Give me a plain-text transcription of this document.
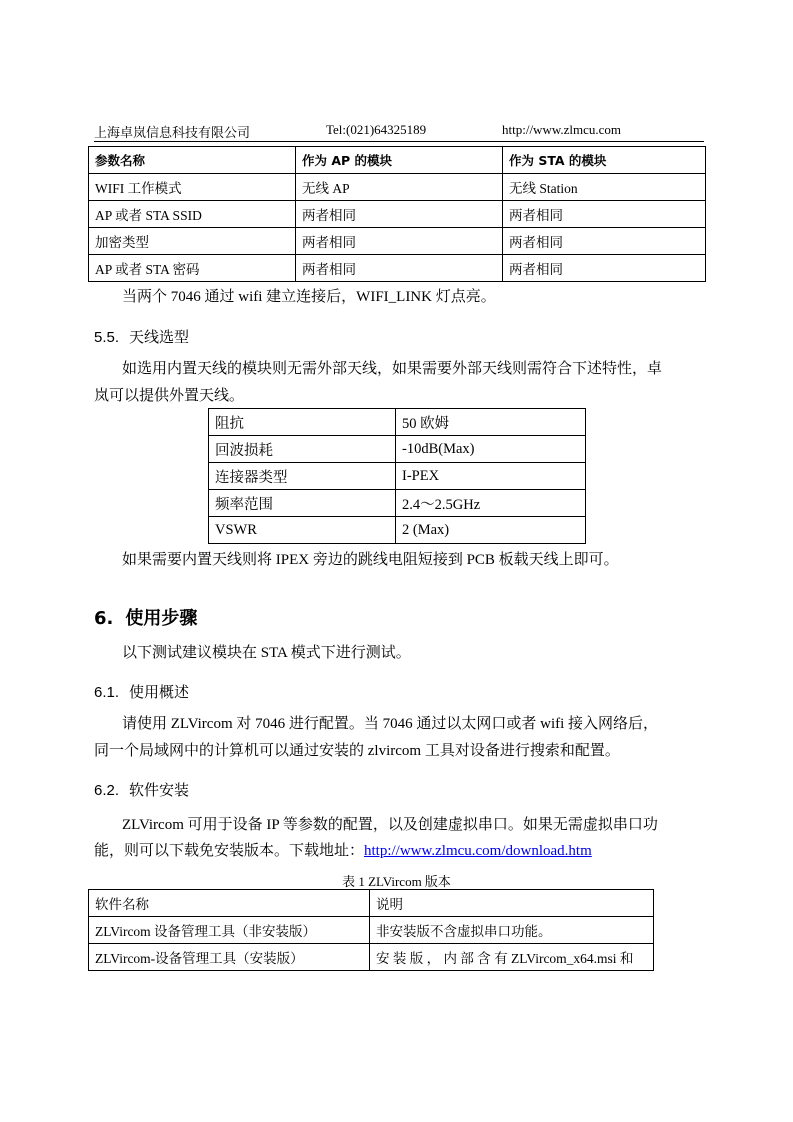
上海卓岚信息科技有限公司	Tel:(021)64325189	http://www.zlmcu.com
参数名称	作为 AP 的模块	作为 STA 的模块
WIFI 工作模式	无线 AP	无线 Station
AP 或者 STA SSID	两者相同	两者相同
加密类型	两者相同	两者相同
AP 或者 STA 密码	两者相同	两者相同
当两个 7046 通过 wifi 建立连接后，WIFI_LINK 灯点亮。
5.5. 天线选型
如选用内置天线的模块则无需外部天线，如果需要外部天线则需符合下述特性，卓
岚可以提供外置天线。
阻抗	50 欧姆
回波损耗	-10dB(Max)
连接器类型	I-PEX
频率范围	2.4～2.5GHz
VSWR	2 (Max)
如果需要内置天线则将 IPEX 旁边的跳线电阻短接到 PCB 板载天线上即可。
6. 使用步骤
以下测试建议模块在 STA 模式下进行测试。
6.1. 使用概述
请使用 ZLVircom 对 7046 进行配置。当 7046 通过以太网口或者 wifi 接入网络后，
同一个局域网中的计算机可以通过安装的 zlvircom 工具对设备进行搜索和配置。
6.2. 软件安装
ZLVircom 可用于设备 IP 等参数的配置，以及创建虚拟串口。如果无需虚拟串口功
能，则可以下载免安装版本。下载地址：http://www.zlmcu.com/download.htm
表 1 ZLVircom 版本
软件名称	说明
ZLVircom 设备管理工具（非安装版）	非安装版不含虚拟串口功能。
ZLVircom-设备管理工具（安装版）	安 装 版 ， 内 部 含 有 ZLVircom_x64.msi 和
